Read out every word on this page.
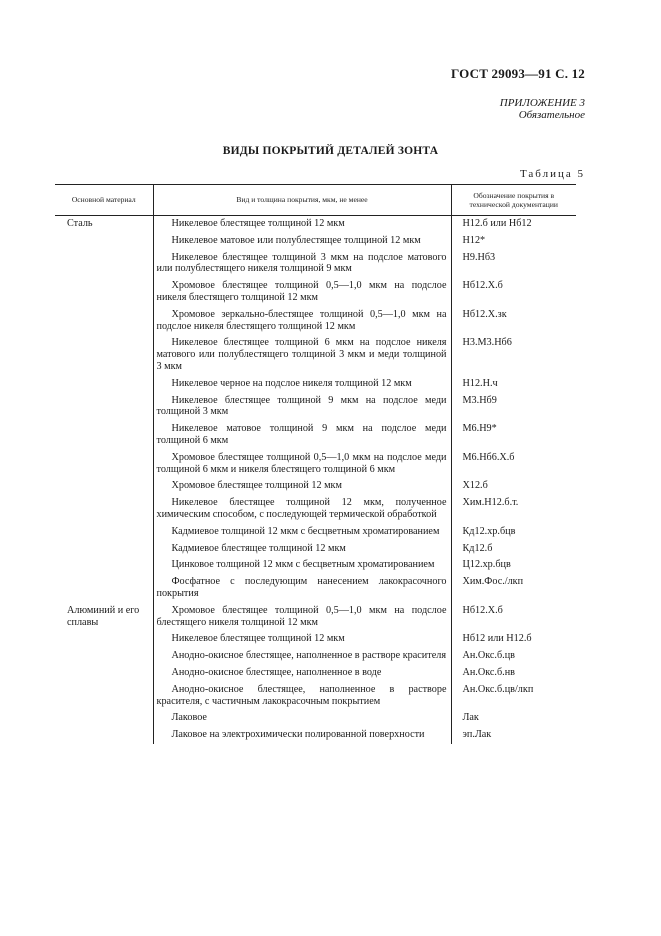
ГОСТ 29093—91 С. 12
ПРИЛОЖЕНИЕ 3
Обязательное
ВИДЫ ПОКРЫТИЙ ДЕТАЛЕЙ ЗОНТА
Таблица 5
Основной материал	Вид и толщина покрытия, мкм, не менее	Обозначение покрытия в технической документации
Сталь	Никелевое блестящее толщиной 12 мкм	Н12.б или Нб12
	Никелевое матовое или полублестящее толщиной 12 мкм	Н12*
	Никелевое блестящее толщиной 3 мкм на подслое матового или полублестящего никеля толщиной 9 мкм	Н9.Нб3
	Хромовое блестящее толщиной 0,5—1,0 мкм на подслое никеля блестящего толщиной 12 мкм	Нб12.Х.б
	Хромовое зеркально-блестящее толщиной 0,5—1,0 мкм на подслое никеля блестящего толщиной 12 мкм	Нб12.Х.зк
	Никелевое блестящее толщиной 6 мкм на подслое никеля матового или полублестящего толщиной 3 мкм и меди толщиной 3 мкм	Н3.М3.Нб6
	Никелевое черное на подслое никеля толщиной 12 мкм	Н12.Н.ч
	Никелевое блестящее толщиной 9 мкм на подслое меди толщиной 3 мкм	М3.Нб9
	Никелевое матовое толщиной 9 мкм на подслое меди толщиной 6 мкм	М6.Н9*
	Хромовое блестящее толщиной 0,5—1,0 мкм на подслое меди толщиной 6 мкм и никеля блестящего толщиной 6 мкм	М6.Нб6.Х.б
	Хромовое блестящее толщиной 12 мкм	Х12.б
	Никелевое блестящее толщиной 12 мкм, полученное химическим способом, с последующей термической обработкой	Хим.Н12.б.т.
	Кадмиевое толщиной 12 мкм с бесцветным хроматированием	Кд12.хр.бцв
	Кадмиевое блестящее толщиной 12 мкм	Кд12.б
	Цинковое толщиной 12 мкм с бесцветным хроматированием	Ц12.хр.бцв
	Фосфатное с последующим нанесением лакокрасочного покрытия	Хим.Фос./лкп
Алюминий и его сплавы	Хромовое блестящее толщиной 0,5—1,0 мкм на подслое блестящего никеля толщиной 12 мкм	Нб12.Х.б
	Никелевое блестящее толщиной 12 мкм	Нб12 или Н12.б
	Анодно-окисное блестящее, наполненное в растворе красителя	Ан.Окс.б.цв
	Анодно-окисное блестящее, наполненное в воде	Ан.Окс.б.нв
	Анодно-окисное блестящее, наполненное в растворе красителя, с частичным лакокрасочным покрытием	Ан.Окс.б.цв/лкп
	Лаковое	Лак
	Лаковое на электрохимически полированной поверхности	эп.Лак
